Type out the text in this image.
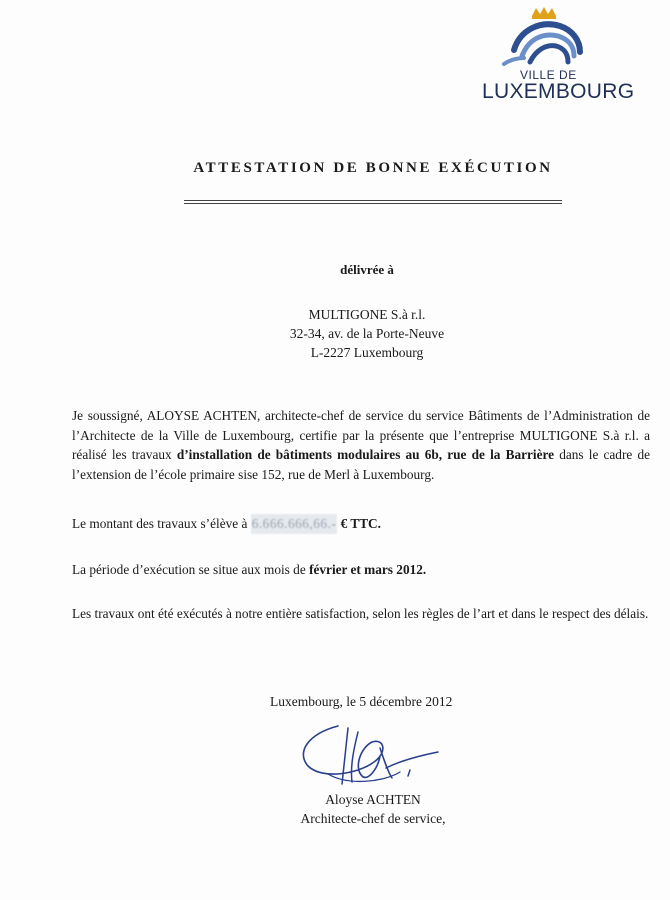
VILLE DE
LUXEMBOURG
ATTESTATION DE BONNE EXÉCUTION
délivrée à
MULTIGONE S.à r.l.
32-34, av. de la Porte-Neuve
L-2227 Luxembourg
Je soussigné, ALOYSE ACHTEN, architecte-chef de service du service Bâtiments de l’Administration de l’Architecte de la Ville de Luxembourg, certifie par la présente que l’entreprise MULTIGONE S.à r.l. a réalisé les travaux d’installation de bâtiments modulaires au 6b, rue de la Barrière dans le cadre de l’extension de l’école primaire sise 152, rue de Merl à Luxembourg.
Le montant des travaux s’élève à 6.666.666,66.- € TTC.
La période d’exécution se situe aux mois de février et mars 2012.
Les travaux ont été exécutés à notre entière satisfaction, selon les règles de l’art et dans le respect des délais.
Luxembourg, le 5 décembre 2012
Aloyse ACHTEN
Architecte-chef de service,
